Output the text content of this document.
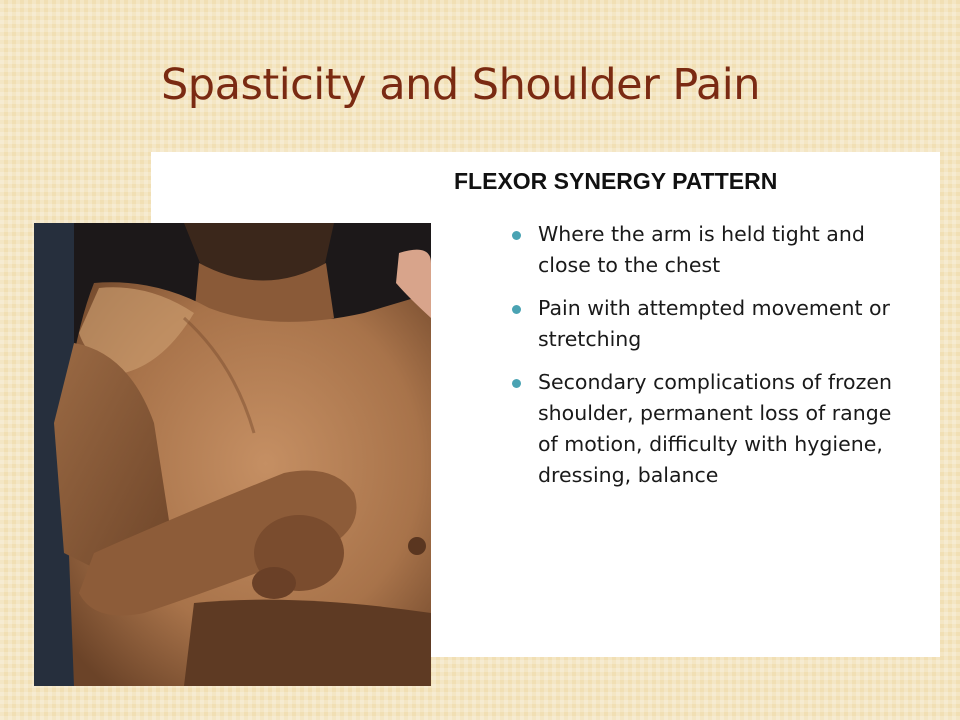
Spasticity and Shoulder Pain
FLEXOR SYNERGY PATTERN
Where the arm is held tight and close to the chest
Pain with attempted movement or stretching
Secondary complications of frozen shoulder, permanent loss of range of motion, difficulty with hygiene, dressing, balance
